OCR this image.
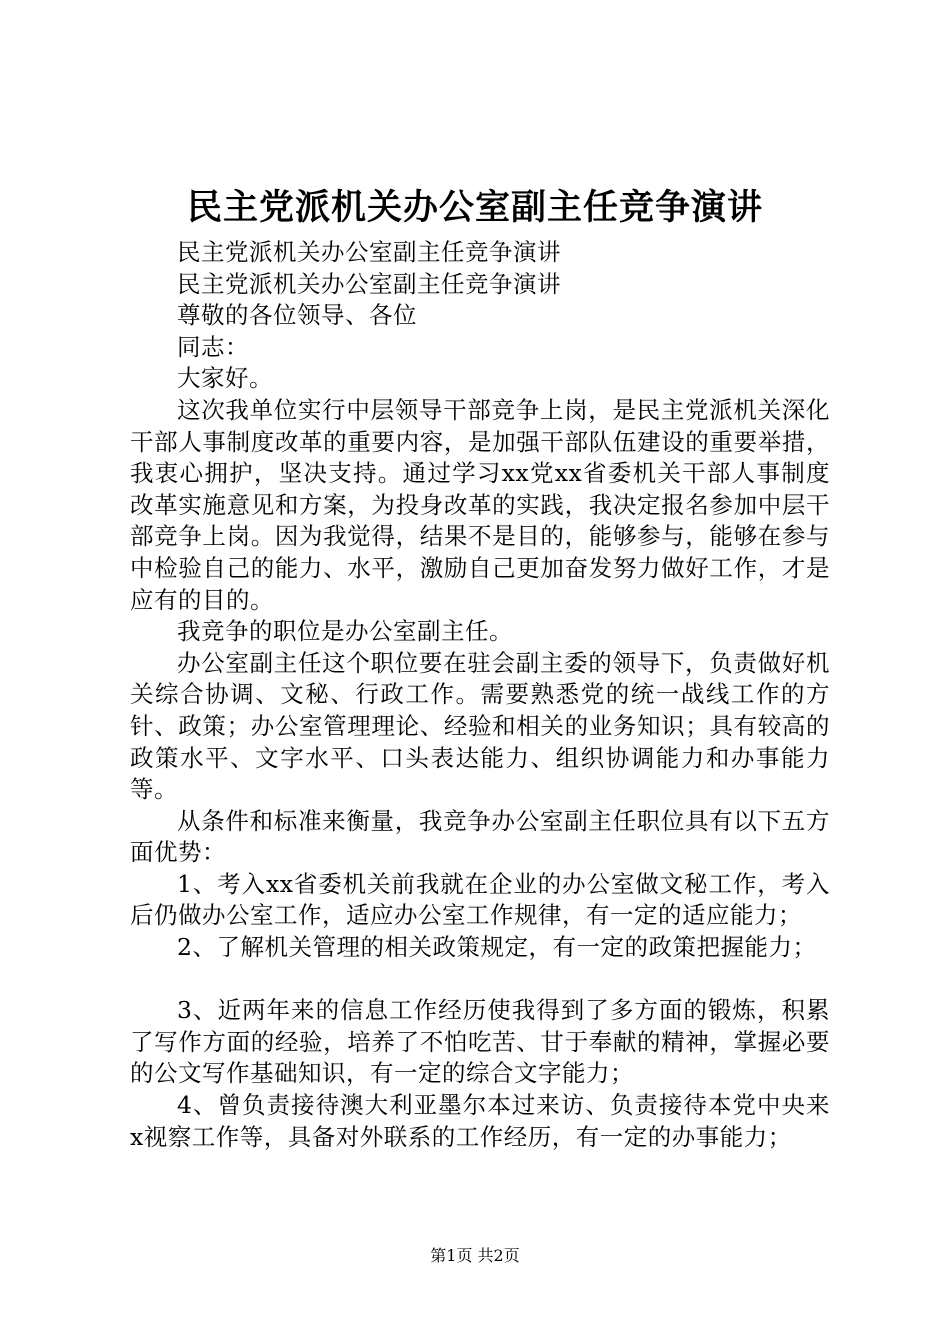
民主党派机关办公室副主任竞争演讲

民主党派机关办公室副主任竞争演讲

民主党派机关办公室副主任竞争演讲

尊敬的各位领导、各位

同志：

大家好。

这次我单位实行中层领导干部竞争上岗，是民主党派机关深化干部人事制度改革的重要内容，是加强干部队伍建设的重要举措，我衷心拥护，坚决支持。通过学习xx党xx省委机关干部人事制度改革实施意见和方案，为投身改革的实践，我决定报名参加中层干部竞争上岗。因为我觉得，结果不是目的，能够参与，能够在参与中检验自己的能力、水平，激励自己更加奋发努力做好工作，才是应有的目的。

我竞争的职位是办公室副主任。

办公室副主任这个职位要在驻会副主委的领导下，负责做好机关综合协调、文秘、行政工作。需要熟悉党的统一战线工作的方针、政策；办公室管理理论、经验和相关的业务知识；具有较高的政策水平、文字水平、口头表达能力、组织协调能力和办事能力等。

从条件和标准来衡量，我竞争办公室副主任职位具有以下五方面优势：

1、考入xx省委机关前我就在企业的办公室做文秘工作，考入后仍做办公室工作，适应办公室工作规律，有一定的适应能力；

2、了解机关管理的相关政策规定，有一定的政策把握能力；

3、近两年来的信息工作经历使我得到了多方面的锻炼，积累了写作方面的经验，培养了不怕吃苦、甘于奉献的精神，掌握必要的公文写作基础知识，有一定的综合文字能力；

4、曾负责接待澳大利亚墨尔本过来访、负责接待本党中央来x视察工作等，具备对外联系的工作经历，有一定的办事能力；

第1页 共2页
